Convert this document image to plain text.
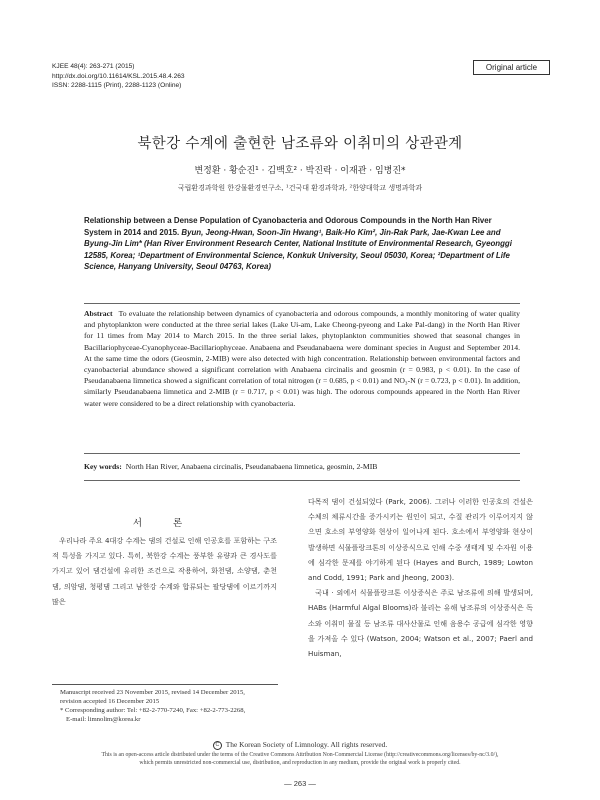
KJEE 48(4): 263-271 (2015)
http://dx.doi.org/10.11614/KSL.2015.48.4.263
ISSN: 2288-1115 (Print), 2288-1123 (Online)
Original article
북한강 수계에 출현한 남조류와 이취미의 상관관계
변정환 · 황순진¹ · 김백호² · 박진락 · 이재관 · 임병진*
국립환경과학원 한강물환경연구소, ¹건국대 환경과학과, ²한양대학교 생명과학과
Relationship between a Dense Population of Cyanobacteria and Odorous Compounds in the North Han River System in 2014 and 2015. Byun, Jeong-Hwan, Soon-Jin Hwang¹, Baik-Ho Kim², Jin-Rak Park, Jae-Kwan Lee and Byung-Jin Lim* (Han River Environment Research Center, National Institute of Environmental Research, Gyeonggi 12585, Korea; ¹Department of Environmental Science, Konkuk University, Seoul 05030, Korea; ²Department of Life Science, Hanyang University, Seoul 04763, Korea)
Abstract To evaluate the relationship between dynamics of cyanobacteria and odorous compounds, a monthly monitoring of water quality and phytoplankton were conducted at the three serial lakes (Lake Ui-am, Lake Cheong-pyeong and Lake Pal-dang) in the North Han River for 11 times from May 2014 to March 2015. In the three serial lakes, phytoplankton communities showed that seasonal changes in Bacillariophyceae-Cyanophyceae-Bacillariophyceae. Anabaena and Pseudanabaena were dominant species in August and September 2014. At the same time the odors (Geosmin, 2-MIB) were also detected with high concentration. Relationship between environmental factors and cyanobacterial abundance showed a significant correlation with Anabaena circinalis and geosmin (r = 0.983, p < 0.01). In the case of Pseudanabaena limnetica showed a significant correlation of total nitrogen (r = 0.685, p < 0.01) and NO₃-N (r = 0.723, p < 0.01). In addition, similarly Pseudanabaena limnetica and 2-MIB (r = 0.717, p < 0.01) was high. The odorous compounds appeared in the North Han River water were considered to be a direct relationship with cyanobacteria.
Key words: North Han River, Anabaena circinalis, Pseudanabaena limnetica, geosmin, 2-MIB
서 론

우리나라 주요 4대강 수계는 댐의 건설로 인해 인공호를 포함하는 구조적 특성을 가지고 있다. 특히, 북한강 수계는 풍부한 유량과 큰 경사도를 가지고 있어 댐건설에 유리한 조건으로 작용하여, 화천댐, 소양댐, 춘천댐, 의암댐, 청평댐 그리고 남한강 수계와 합류되는 팔당댐에 이르기까지 많은

다목적 댐이 건설되었다 (Park, 2006). 그러나 이러한 인공호의 건설은 수체의 체류시간을 증가시키는 원인이 되고, 수질 관리가 이루어지지 않으면 호소의 부영양화 현상이 일어나게 된다. 호소에서 부영양화 현상이 발생하면 식물플랑크톤의 이상증식으로 인해 수중 생태계 및 수자원 이용에 심각한 문제를 야기하게 된다 (Hayes and Burch, 1989; Lowton and Codd, 1991; Park and Jheong, 2003).

국내 · 외에서 식물플랑크톤 이상증식은 주로 남조류에 의해 발생되며, HABs (Harmful Algal Blooms)라 불리는 유해 남조류의 이상증식은 독소와 이취미 물질 등 남조류 대사산물로 인해 음용수 공급에 심각한 영향을 가져올 수 있다 (Watson, 2004; Watson et al., 2007; Paerl and Huisman,

Manuscript received 23 November 2015, revised 14 December 2015,
revision accepted 16 December 2015
* Corresponding author: Tel: +82-2-770-7240, Fax: +82-2-773-2268,
E-mail: limnolim@korea.kr
C The Korean Society of Limnology. All rights reserved.
This is an open-access article distributed under the terms of the Creative Commons Attribution Non-Commercial License (http://creativecommons.org/licenses/by-nc/3.0/),
which permits unrestricted non-commercial use, distribution, and reproduction in any medium, provide the original work is properly cited.
— 263 —
